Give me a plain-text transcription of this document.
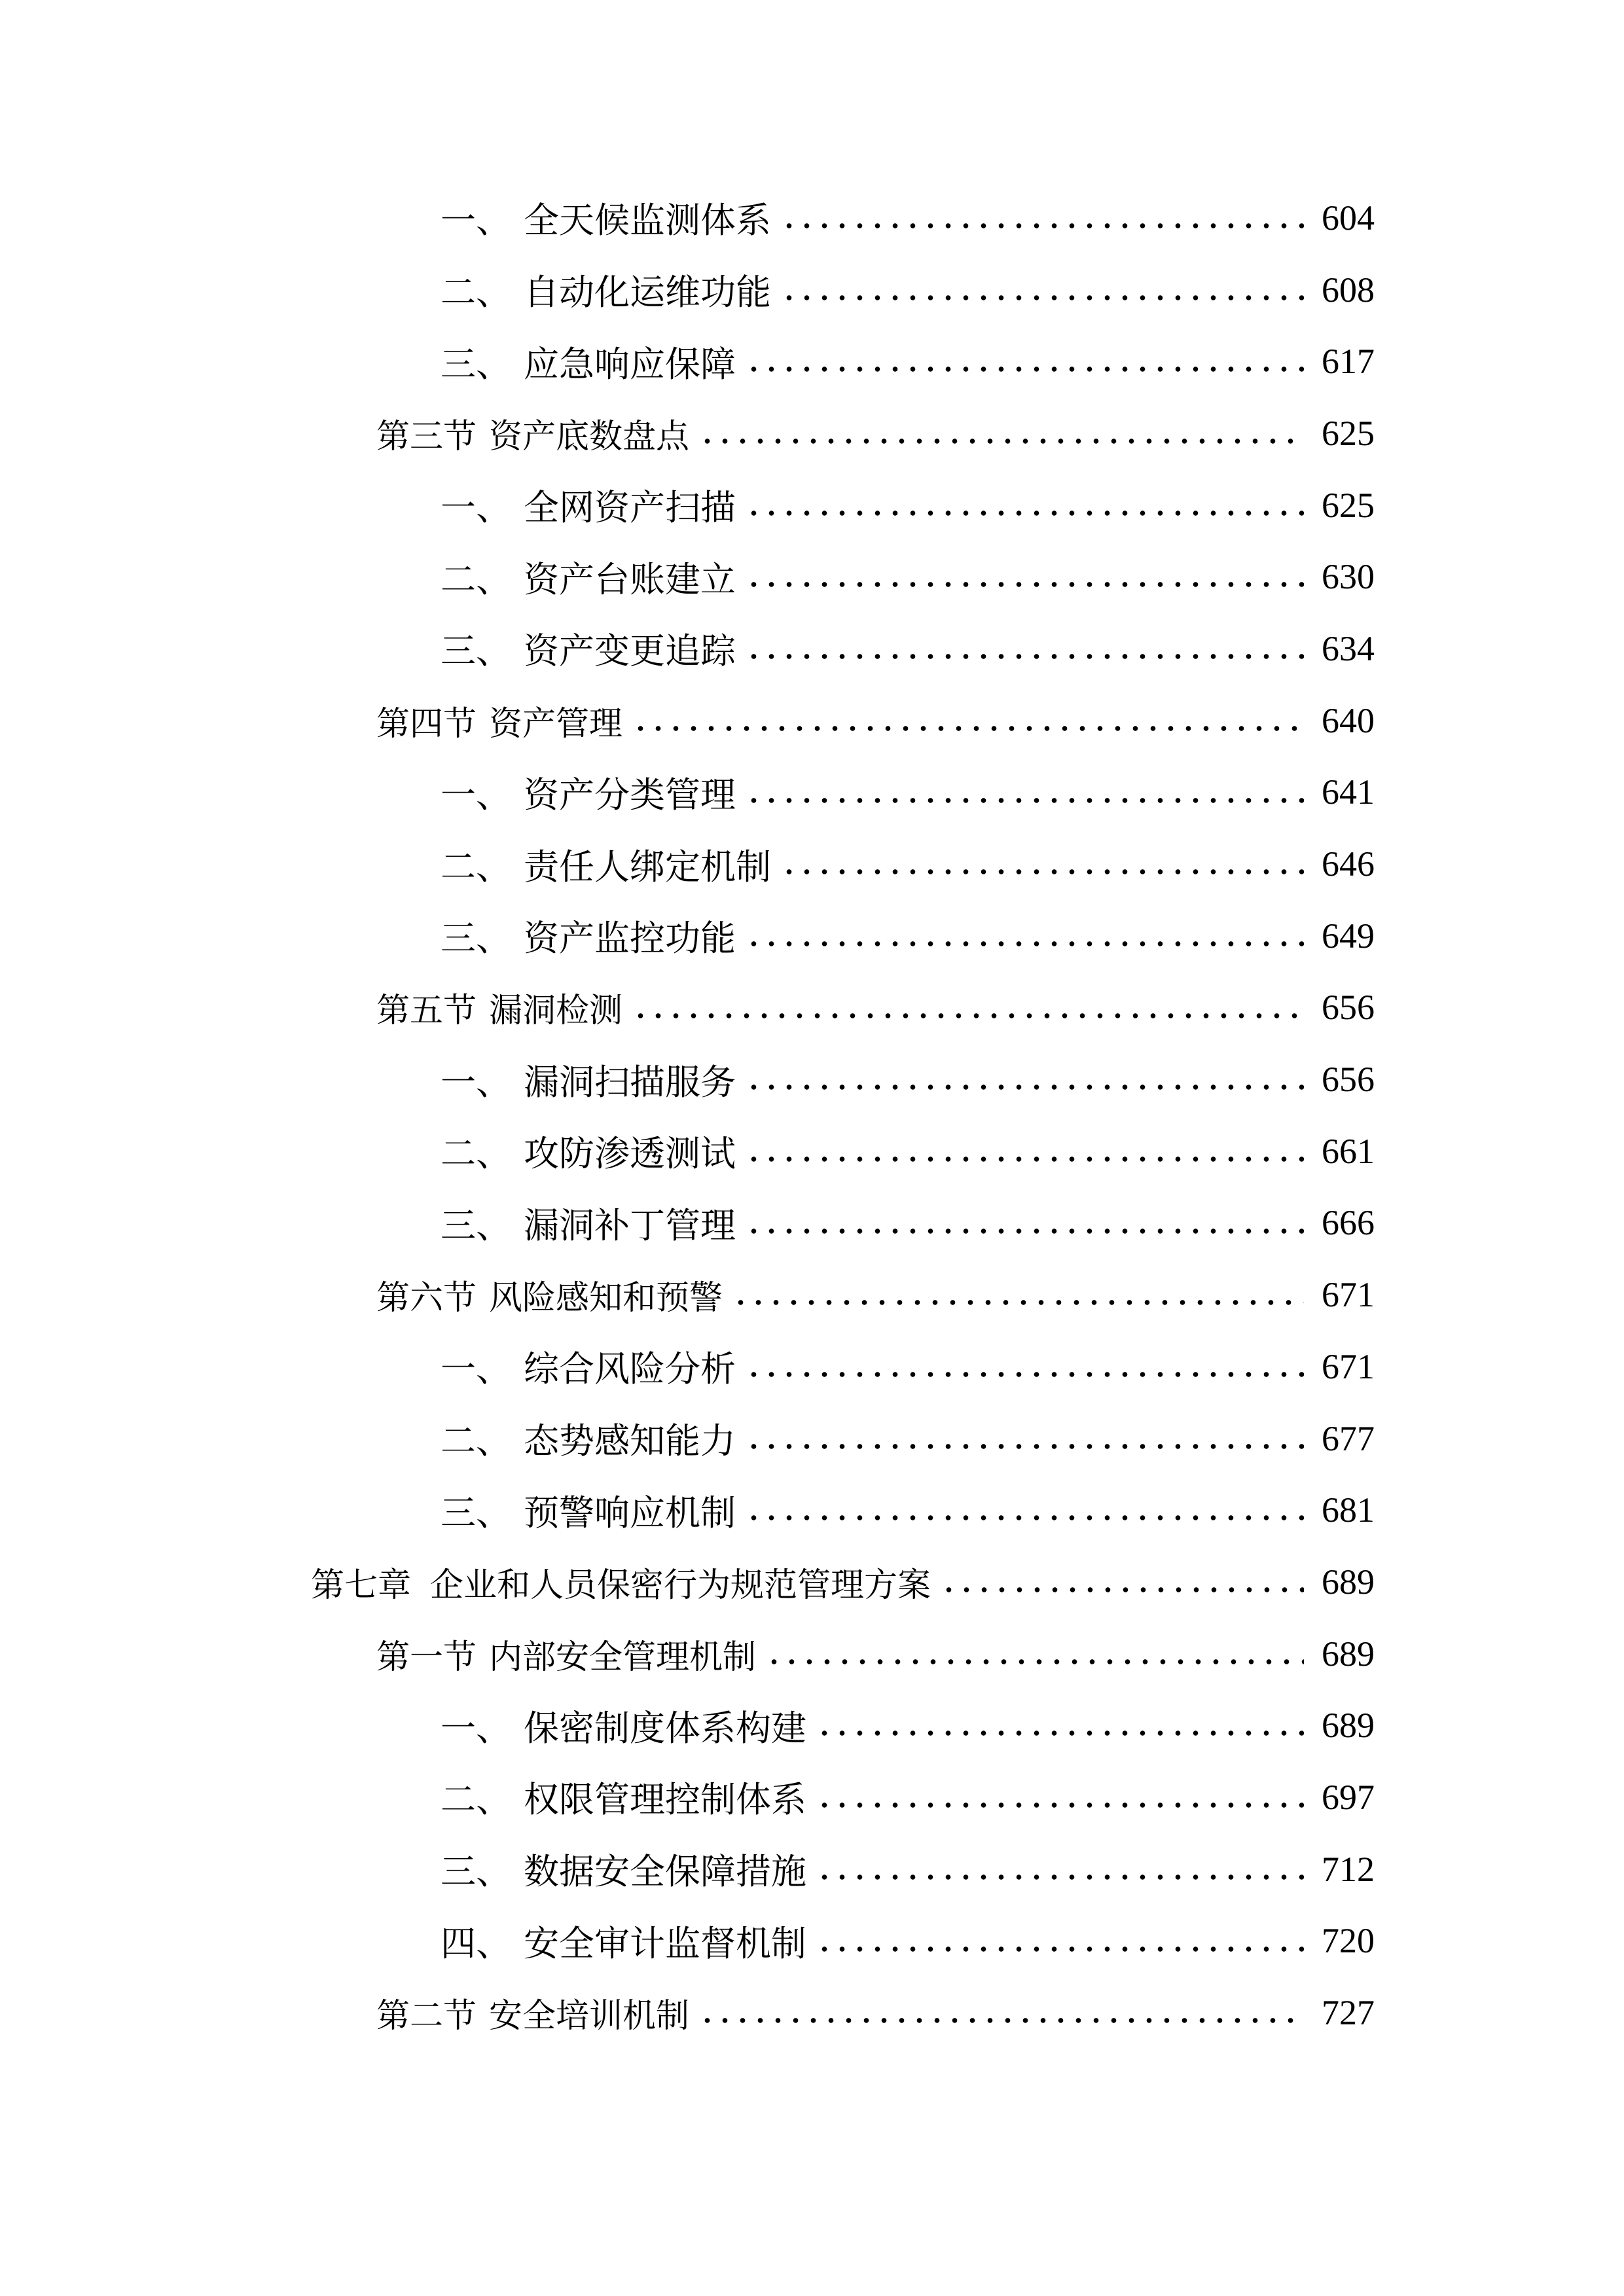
一、 全天候监测体系	604
二、 自动化运维功能	608
三、 应急响应保障	617
第三节 资产底数盘点	625
一、 全网资产扫描	625
二、 资产台账建立	630
三、 资产变更追踪	634
第四节 资产管理	640
一、 资产分类管理	641
二、 责任人绑定机制	646
三、 资产监控功能	649
第五节 漏洞检测	656
一、 漏洞扫描服务	656
二、 攻防渗透测试	661
三、 漏洞补丁管理	666
第六节 风险感知和预警	671
一、 综合风险分析	671
二、 态势感知能力	677
三、 预警响应机制	681
第七章 企业和人员保密行为规范管理方案	689
第一节 内部安全管理机制	689
一、 保密制度体系构建	689
二、 权限管理控制体系	697
三、 数据安全保障措施	712
四、 安全审计监督机制	720
第二节 安全培训机制	727
